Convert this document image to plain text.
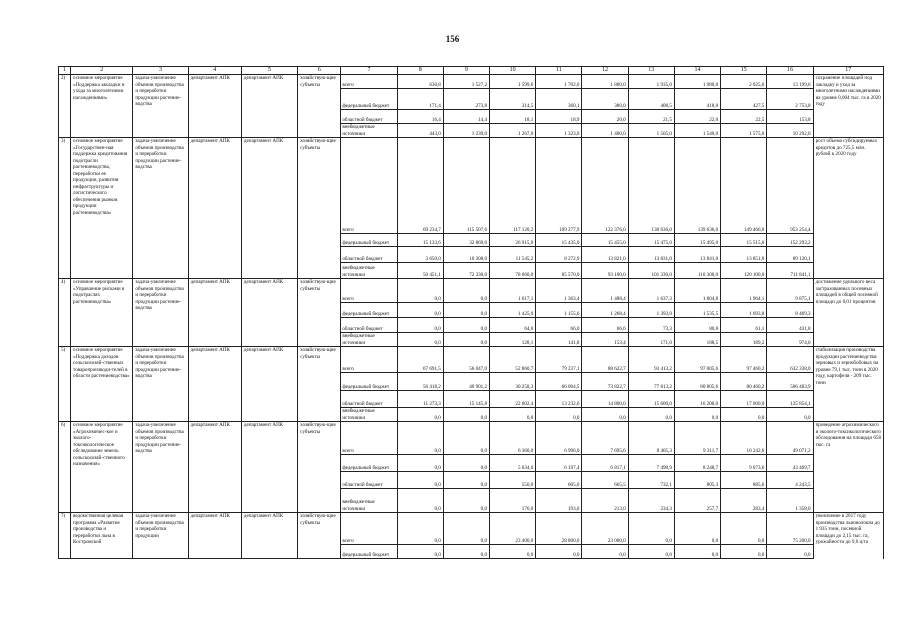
156
1	2	3	4	5	6	7	8	9	10	11	12	13	14	15	16	17
2)	основное мероприятие «Поддержка закладки и ухода за многолетними насаждениями»	задача-увеличение объемов производства и переработки продукции растение-водства	департамент АПК	департамент АПК	хозяйствую-щие субъекты	всего	630,8	1 527,2	1 599,6	1 702,0	1 800,0	1 935,0	1 980,0	2 025,0	13 199,6	сохранение площадей под закладку и уход за многолетними насаждениями на уровне 0,004 тыс. га в 2020 году
						федеральный бюджет	171,4	273,8	314,5	360,1	380,0	408,5	418,0	427,5	2 753,8	
						областной бюджет	16,4	14,4	18,1	18,9	20,0	21,5	22,0	22,5	153,8	
						внебюджетные источники	443,0	1 239,0	1 267,0	1 323,0	1 400,0	1 505,0	1 540,0	1 575,0	10 292,0	
3)	основное мероприятие «Государствен-ная поддержка кредитования подотрасли растениеводства, переработки ее продукции, развития инфраструктуры и логистического обеспечения рынков продукции растениеводства»	задача-увеличение объемов производства и переработки продукции растение-водства	департамент АПК	департамент АПК	хозяйствую-щие субъекты	всего	69 234,7	115 507,6	117 120,2	109 277,9	122 376,0	130 636,0	139 636,0	149 466,0	953 254,4	рост объема субсидируемых кредитов до 725,5 млн. рублей к 2020 году
						федеральный бюджет	15 133,6	32 869,6	26 915,0	15 435,0	15 455,0	15 475,0	15 495,0	15 515,0	152 293,2	
						областной бюджет	3 650,0	10 308,0	11 545,2	8 272,9	13 821,0	13 831,0	13 841,0	13 851,0	89 120,1	
						внебюджетные источники	50 451,1	72 330,0	78 660,0	85 570,0	93 100,0	101 330,0	110 300,0	120 100,0	711 841,1	
4)	основное мероприятие «Управление рисками в подотраслях растениеводства»	задача-увеличение объемов производства и переработки продукции растение-водства	департамент АПК	департамент АПК	хозяйствую-щие субъекты	всего	0,0	0,0	1 617,1	1 363,4	1 488,4	1 637,3	1 804,8	1 964,1	9 875,1	достижение удельного веса застрахованных посевных площадей в общей посевной площади до 0,01 процентов
						федеральный бюджет	0,0	0,0	1 425,0	1 155,6	1 268,4	1 393,0	1 535,5	1 693,8	8 469,3	
						областной бюджет	0,0	0,0	64,0	66,0	66,6	73,3	80,8	61,1	431,8	
						внебюджетные источники	0,0	0,0	128,1	141,8	153,4	171,0	188,5	189,2	974,0	
5)	основное мероприятие «Поддержка доходов сельскохозяй-ственных товаропроизводи-телей в области растениеводства»	задача-увеличение объемов производства и переработки продукции растение-водства	департамент АПК	департамент АПК	хозяйствую-щие субъекты	всего	67 691,5	56 047,0	52 860,7	79 237,1	88 622,7	93 413,2	97 005,6	97 460,2	632 338,0	стабилизация производства продукции растениеводства: зерновых и зернобобовых на уровне 79,1 тыс. тонн в 2020 году, картофеля - 209 тыс. тонн
						федеральный бюджет	56 418,2	40 901,2	30 258,3	66 004,5	73 822,7	77 813,2	80 805,6	80 460,2	506 483,9	
						областной бюджет	11 273,3	15 145,8	22 602,4	13 232,6	14 800,0	15 600,0	16 200,0	17 000,0	125 854,1	
						внебюджетные источники	0,0	0,0	0,0	0,0	0,0	0,0	0,0	0,0	0,0	
6)	основное мероприятие «Агрохимичес-кое и эколого-токсикологическое обследование земель сельскохозяй-ственного назначения»	задача-увеличение объемов производства и переработки продукции растение-водства	департамент АПК	департамент АПК	хозяйствую-щие субъекты	всего	0,0	0,0	6 360,0	6 996,0	7 695,6	8 465,3	9 311,7	10 242,6	49 071,2	проведение агрохимического и эколого-токсикологического обследования на площади 658 тыс. га
						федеральный бюджет	0,0	0,0	5 634,0	6 197,4	6 817,1	7 498,9	8 248,7	9 073,6	43 469,7	
						областной бюджет	0,0	0,0	550,0	605,0	665,5	732,1	805,3	885,6	4 243,5	
						внебюджетные источники	0,0	0,0	176,0	193,6	213,0	234,3	257,7	283,4	1 358,0	
7)	ведомственная целевая программа «Развитие производства и переработки льна в Костромской	задача-увеличение объемов производства и переработки продукции	департамент АПК	департамент АПК	хозяйствую-щие субъекты	всего	0,0	0,0	23 400,0	28 800,0	23 000,0	0,0	0,0	0,0	75 200,0	увеличение в 2017 году производства льноволокна до 1 935 тонн, посевной площади до 2,15 тыс. га, урожайности до 9,0 ц/га
						федеральный бюджет	0,0	0,0	0,0	0,0	0,0	0,0	0,0	0,0	0,0	
